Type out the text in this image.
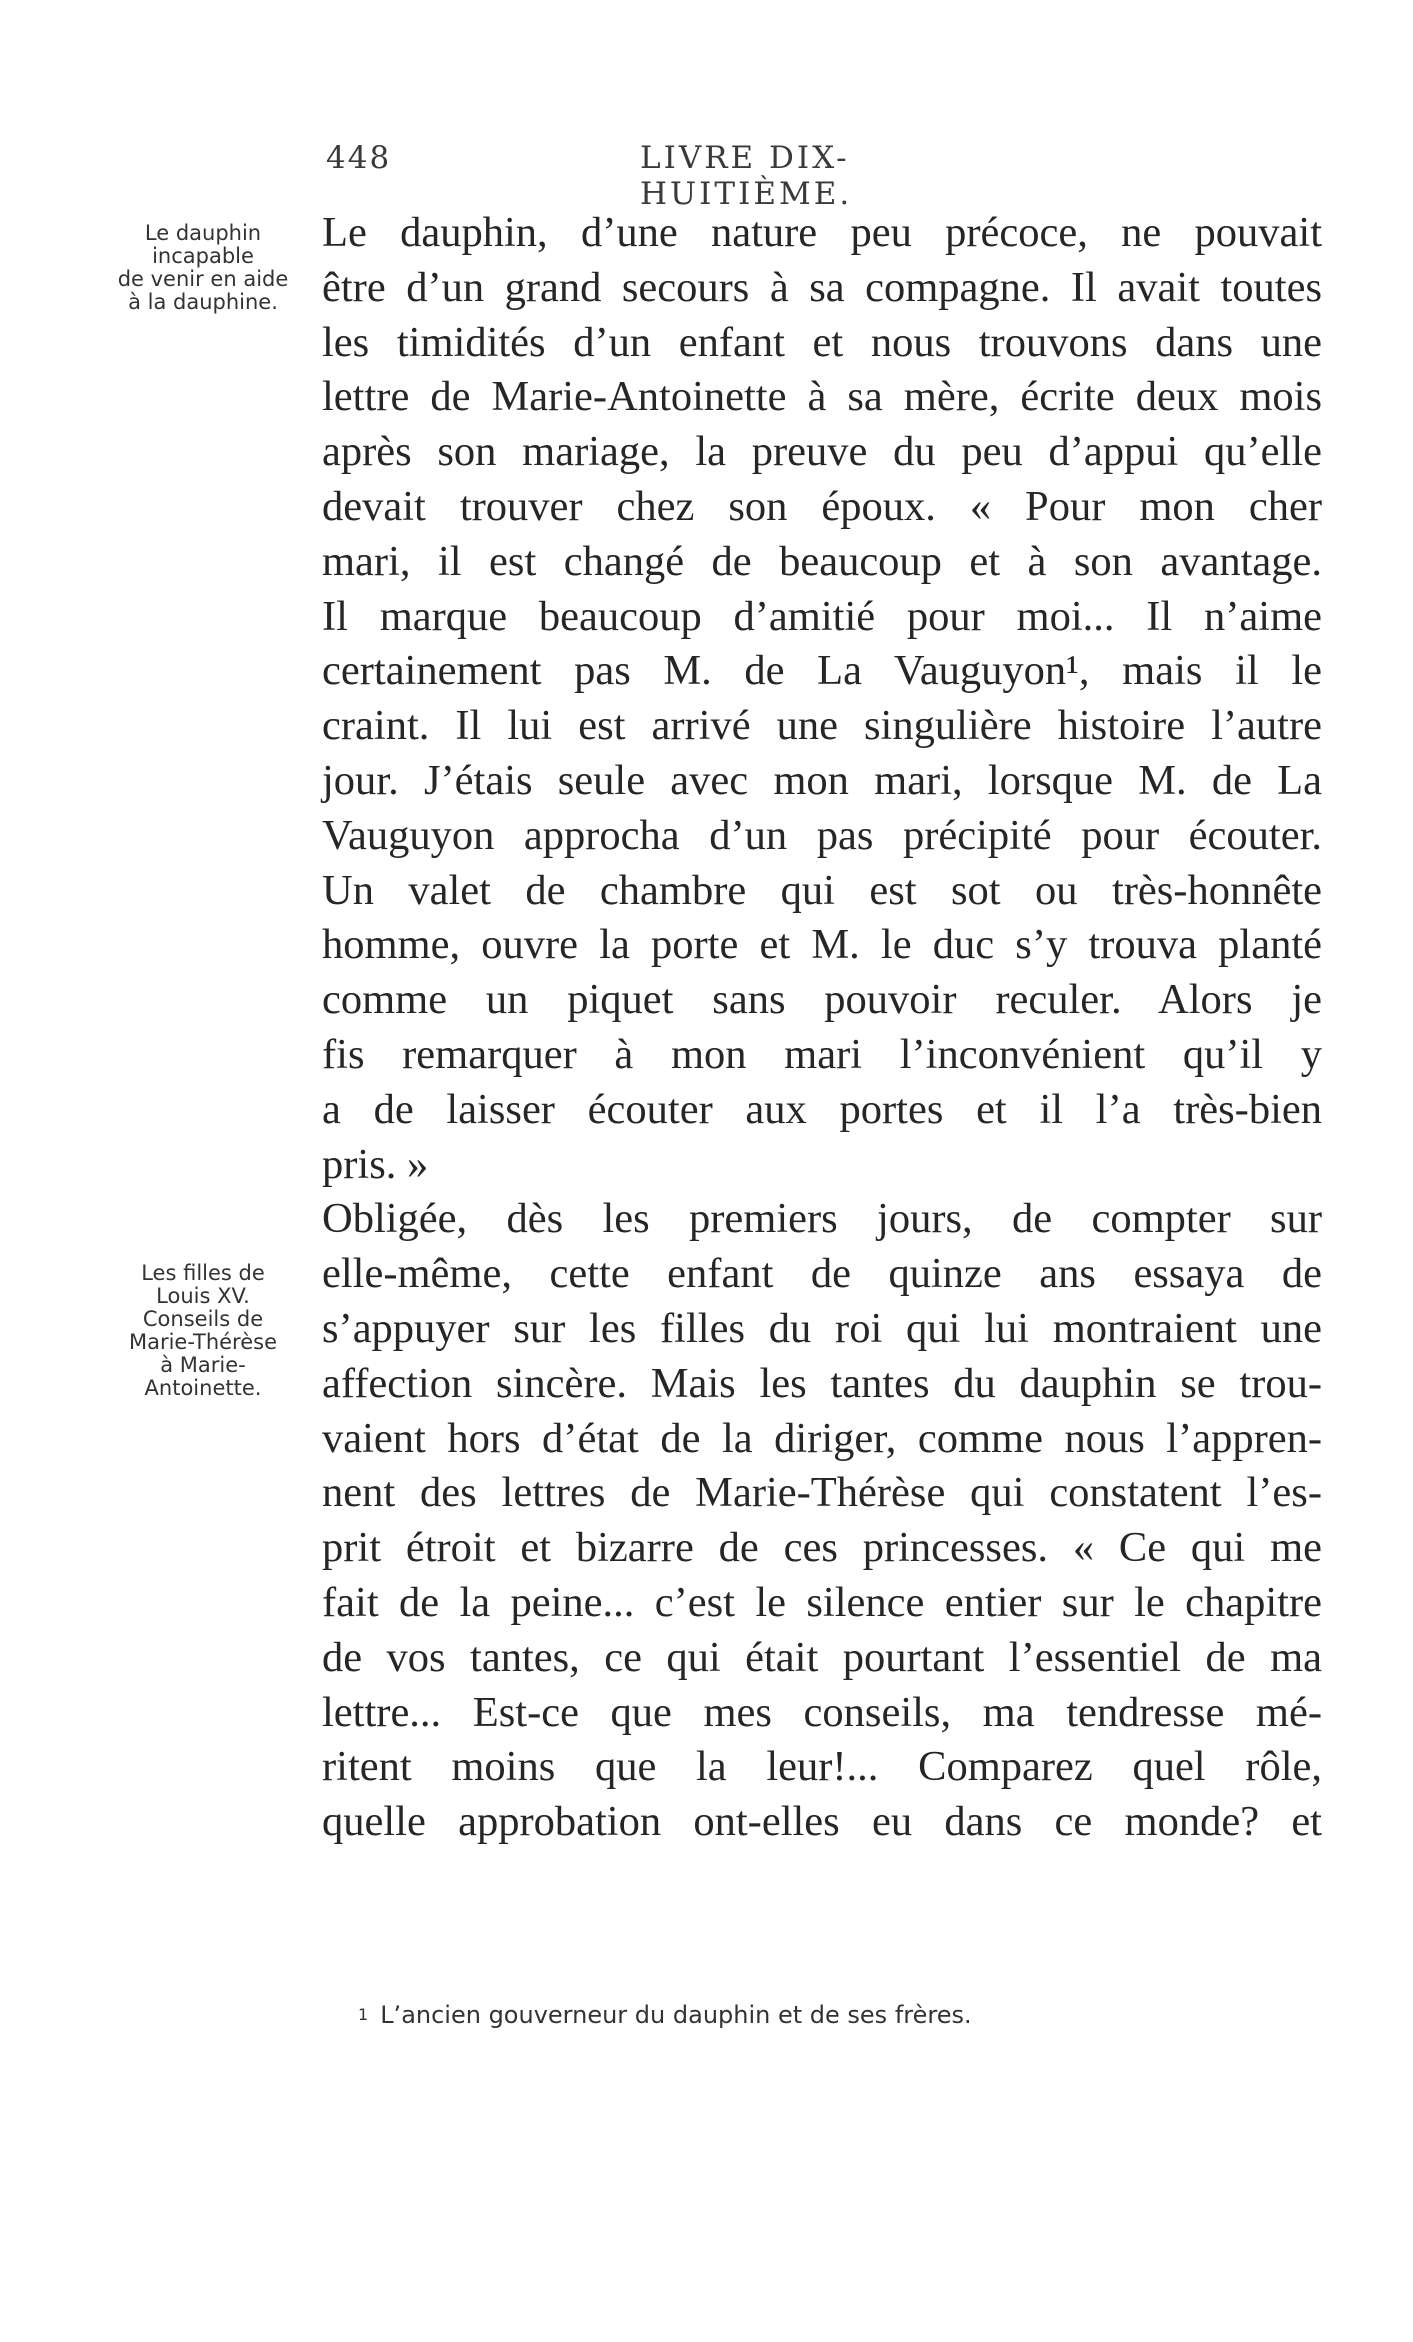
448	LIVRE DIX-HUITIÈME.
Le dauphin
incapable
de venir en aide
à la dauphine.
Les filles de
Louis XV.
Conseils de
Marie-Thérèse
à Marie-
Antoinette.
Le dauphin, d’une nature peu précoce, ne pouvait
être d’un grand secours à sa compagne. Il avait toutes
les timidités d’un enfant et nous trouvons dans une
lettre de Marie-Antoinette à sa mère, écrite deux mois
après son mariage, la preuve du peu d’appui qu’elle
devait trouver chez son époux. « Pour mon cher
mari, il est changé de beaucoup et à son avantage.
Il marque beaucoup d’amitié pour moi... Il n’aime
certainement pas M. de La Vauguyon¹, mais il le
craint. Il lui est arrivé une singulière histoire l’autre
jour. J’étais seule avec mon mari, lorsque M. de La
Vauguyon approcha d’un pas précipité pour écouter.
Un valet de chambre qui est sot ou très-honnête
homme, ouvre la porte et M. le duc s’y trouva planté
comme un piquet sans pouvoir reculer. Alors je
fis remarquer à mon mari l’inconvénient qu’il y
a de laisser écouter aux portes et il l’a très-bien
pris. »
Obligée, dès les premiers jours, de compter sur
elle-même, cette enfant de quinze ans essaya de
s’appuyer sur les filles du roi qui lui montraient une
affection sincère. Mais les tantes du dauphin se trou-
vaient hors d’état de la diriger, comme nous l’appren-
nent des lettres de Marie-Thérèse qui constatent l’es-
prit étroit et bizarre de ces princesses. « Ce qui me
fait de la peine... c’est le silence entier sur le chapitre
de vos tantes, ce qui était pourtant l’essentiel de ma
lettre... Est-ce que mes conseils, ma tendresse mé-
ritent moins que la leur!... Comparez quel rôle,
quelle approbation ont-elles eu dans ce monde? et
$^1$ L’ancien gouverneur du dauphin et de ses frères.
